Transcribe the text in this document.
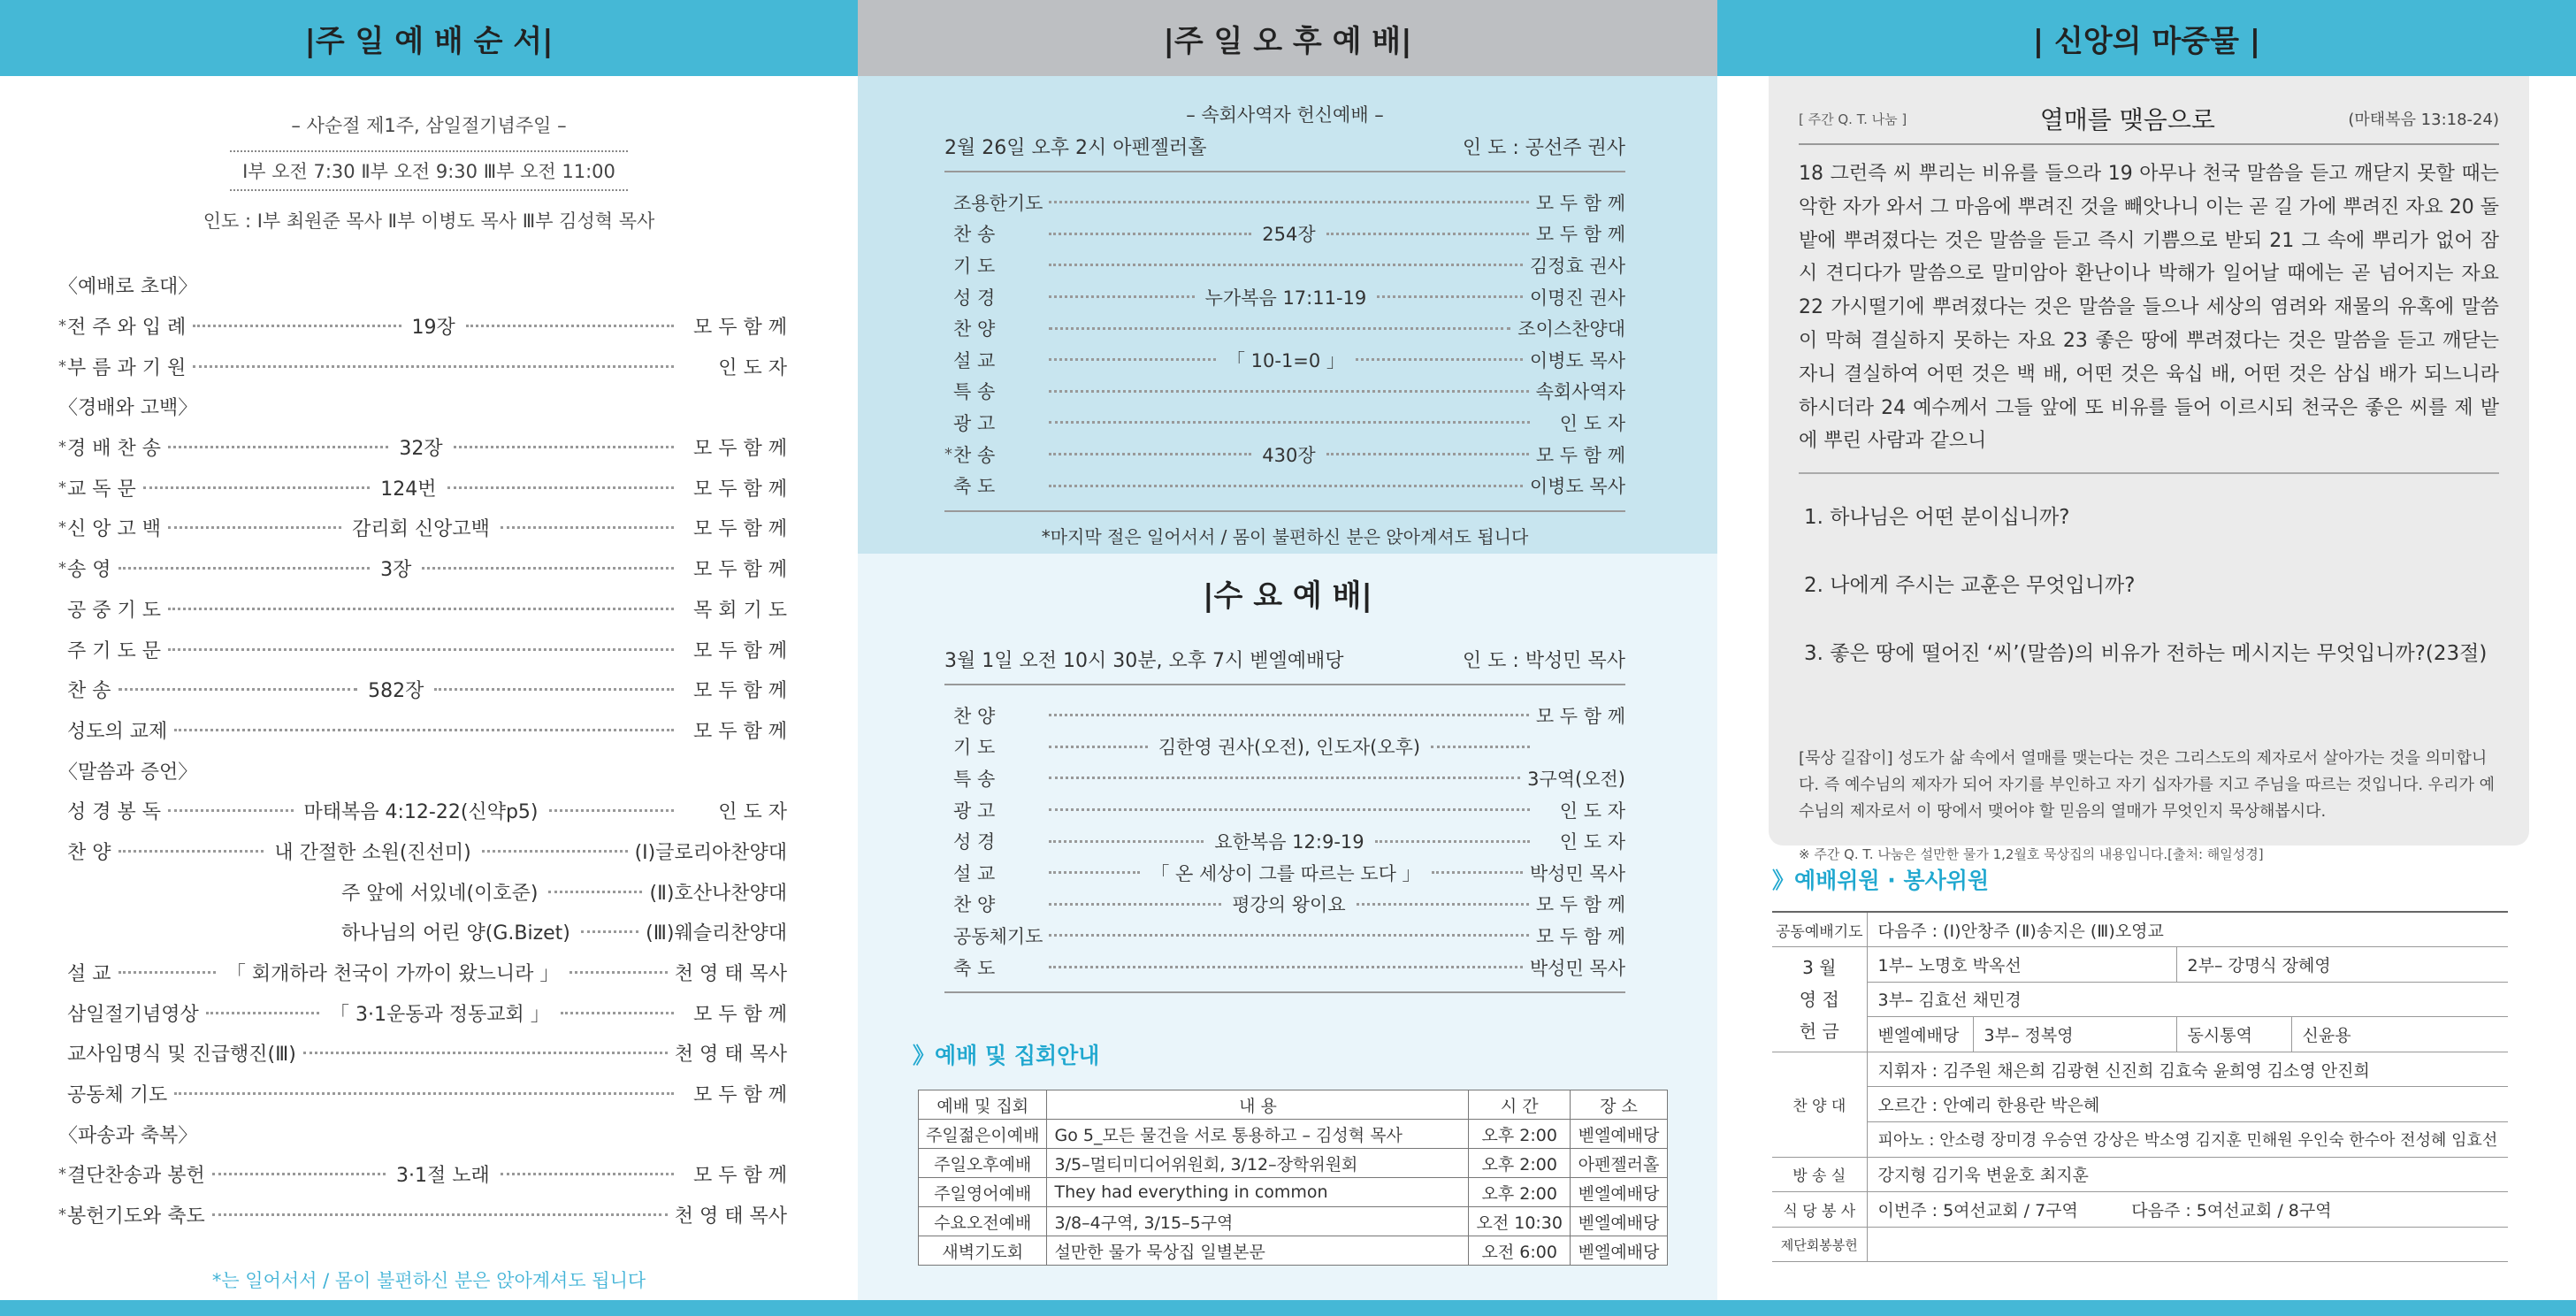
|주 일 예 배 순 서|
– 사순절 제1주, 삼일절기념주일 –
Ⅰ부 오전 7:30 Ⅱ부 오전 9:30 Ⅲ부 오전 11:00
인도 : Ⅰ부 최원준 목사 Ⅱ부 이병도 목사 Ⅲ부 김성혁 목사
〈예배로 초대〉
* 전 주 와 입 례	19장	모 두 함 께
* 부 름 과 기 원	인 도 자
〈경배와 고백〉
* 경 배 찬 송	32장	모 두 함 께
* 교 독 문	124번	모 두 함 께
* 신 앙 고 백	감리회 신앙고백	모 두 함 께
* 송 영	3장	모 두 함 께
공 중 기 도	목 회 기 도
주 기 도 문	모 두 함 께
찬 송	582장	모 두 함 께
성도의 교제	모 두 함 께
〈말씀과 증언〉
성 경 봉 독	마태복음 4:12-22(신약p5)	인 도 자
찬 양	내 간절한 소원(진선미)	(Ⅰ)글로리아찬양대
주 앞에 서있네(이호준)	(Ⅱ)호산나찬양대
하나님의 어린 양(G.Bizet)	(Ⅲ)웨슬리찬양대
설 교	「 회개하라 천국이 가까이 왔느니라 」	천 영 태 목사
삼일절기념영상	「 3·1운동과 정동교회 」	모 두 함 께
교사임명식 및 진급행진(Ⅲ)	천 영 태 목사
공동체 기도	모 두 함 께
〈파송과 축복〉
* 결단찬송과 봉헌	3·1절 노래	모 두 함 께
* 봉헌기도와 축도	천 영 태 목사
*는 일어서서 / 몸이 불편하신 분은 앉아계셔도 됩니다
|주 일 오 후 예 배|
– 속회사역자 헌신예배 –
2월 26일 오후 2시 아펜젤러홀	인 도 : 공선주 권사
조용한기도	모 두 함 께
찬 송	254장	모 두 함 께
기 도	김정효 권사
성 경	누가복음 17:11-19	이명진 권사
찬 양	조이스찬양대
설 교	「 10-1=0 」	이병도 목사
특 송	속회사역자
광 고	인 도 자
* 찬 송	430장	모 두 함 께
축 도	이병도 목사
*마지막 절은 일어서서 / 몸이 불편하신 분은 앉아계셔도 됩니다
|수 요 예 배|
3월 1일 오전 10시 30분, 오후 7시 벧엘예배당	인 도 : 박성민 목사
찬 양	모 두 함 께
기 도	김한영 권사(오전), 인도자(오후)
특 송	3구역(오전)
광 고	인 도 자
성 경	요한복음 12:9-19	인 도 자
설 교	「 온 세상이 그를 따르는 도다 」	박성민 목사
찬 양	평강의 왕이요	모 두 함 께
공동체기도	모 두 함 께
축 도	박성민 목사
》예배 및 집회안내
예배 및 집회	내 용	시 간	장 소
주일젊은이예배	Go 5_모든 물건을 서로 통용하고 – 김성혁 목사	오후 2:00	벧엘예배당
주일오후예배	3/5–멀티미디어위원회, 3/12–장학위원회	오후 2:00	아펜젤러홀
주일영어예배	They had everything in common	오후 2:00	벧엘예배당
수요오전예배	3/8–4구역, 3/15–5구역	오전 10:30	벧엘예배당
새벽기도회	설만한 물가 묵상집 일별본문	오전 6:00	벧엘예배당
| 신앙의 마중물 |
[ 주간 Q. T. 나눔 ]	열매를 맺음으로	(마태복음 13:18-24)
18 그런즉 씨 뿌리는 비유를 들으라 19 아무나 천국 말씀을 듣고 깨닫지 못할 때는 악한 자가 와서 그 마음에 뿌려진 것을 빼앗나니 이는 곧 길 가에 뿌려진 자요 20 돌밭에 뿌려졌다는 것은 말씀을 듣고 즉시 기쁨으로 받되 21 그 속에 뿌리가 없어 잠시 견디다가 말씀으로 말미암아 환난이나 박해가 일어날 때에는 곧 넘어지는 자요 22 가시떨기에 뿌려졌다는 것은 말씀을 들으나 세상의 염려와 재물의 유혹에 말씀이 막혀 결실하지 못하는 자요 23 좋은 땅에 뿌려졌다는 것은 말씀을 듣고 깨닫는 자니 결실하여 어떤 것은 백 배, 어떤 것은 육십 배, 어떤 것은 삼십 배가 되느니라 하시더라 24 예수께서 그들 앞에 또 비유를 들어 이르시되 천국은 좋은 씨를 제 밭에 뿌린 사람과 같으니
1. 하나님은 어떤 분이십니까?
2. 나에게 주시는 교훈은 무엇입니까?
3. 좋은 땅에 떨어진 ‘씨’(말씀)의 비유가 전하는 메시지는 무엇입니까?(23절)
[묵상 길잡이] 성도가 삶 속에서 열매를 맺는다는 것은 그리스도의 제자로서 살아가는 것을 의미합니다. 즉 예수님의 제자가 되어 자기를 부인하고 자기 십자가를 지고 주님을 따르는 것입니다. 우리가 예수님의 제자로서 이 땅에서 맺어야 할 믿음의 열매가 무엇인지 묵상해봅시다.
※ 주간 Q. T. 나눔은 설만한 물가 1,2월호 묵상집의 내용입니다.[출처: 해일성경]
》예배위원 · 봉사위원
공동예배기도	다음주 : (Ⅰ)안창주 (Ⅱ)송지은 (Ⅲ)오영교			
3 월
영 접
헌 금	1부– 노명호 박옥선		2부– 강명식 장혜영	
	3부– 김효선 채민경			
	벧엘예배당	3부– 정복영	동시통역	신윤용
찬 양 대	지휘자 : 김주원 채은희 김광현 신진희 김효숙 윤희영 김소영 안진희			
	오르간 : 안예리 한용란 박은혜			
	피아노 : 안소령 장미경 우승연 강상은 박소영 김지훈 민해원 우인숙 한수아 전성혜 임효선			
방 송 실	강지형 김기욱 변윤호 최지훈			
식 당 봉 사	이번주 : 5여선교회 / 7구역          다음주 : 5여선교회 / 8구역			
제단회봉봉헌				
